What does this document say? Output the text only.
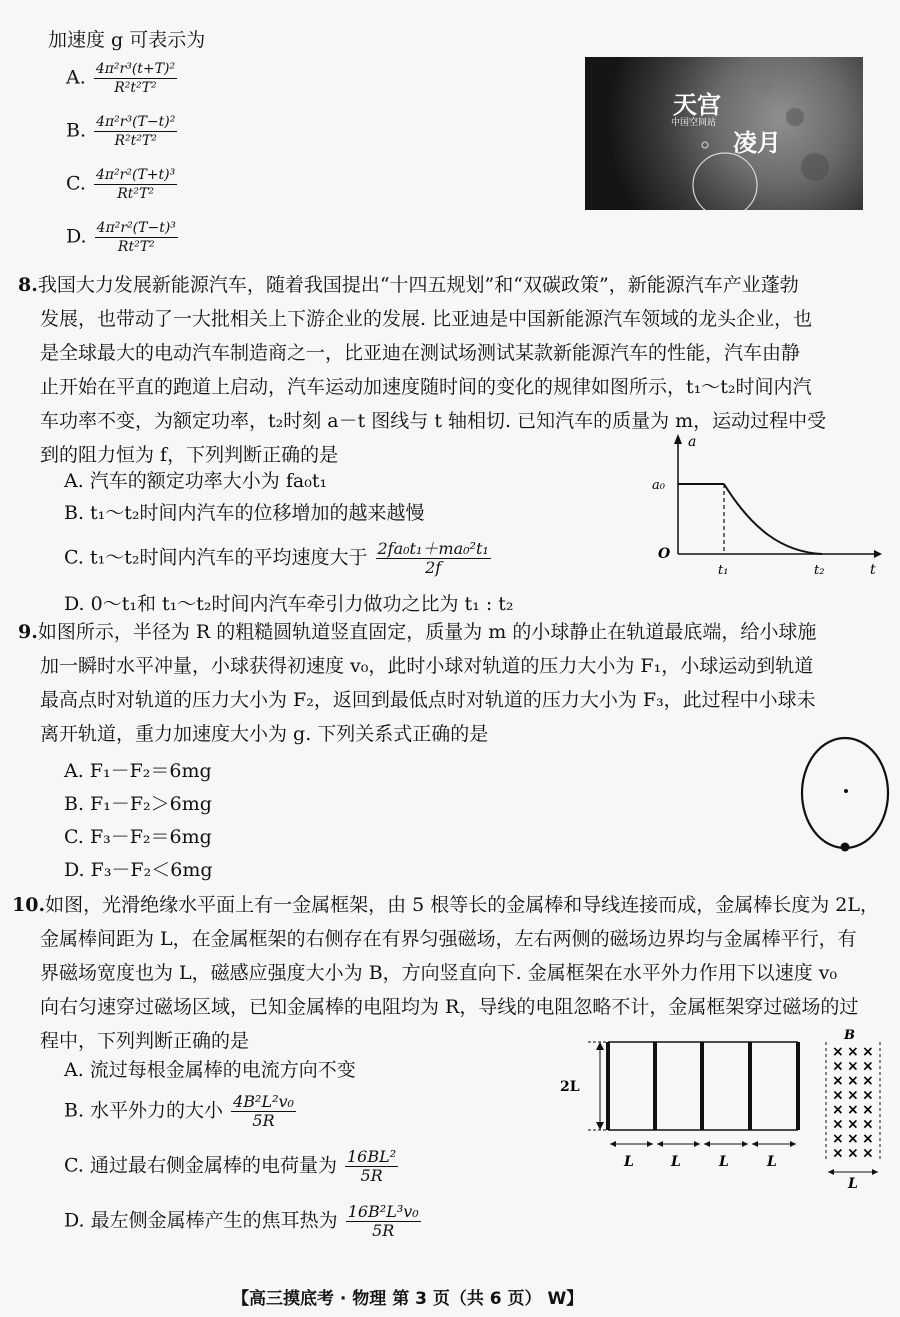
加速度 g 可表示为
A. $\frac{\text{4π²r³(t+T)²}}{\text{R²t²T²}}$
B. $\frac{\text{4π²r³(T−t)²}}{\text{R²t²T²}}$
C. $\frac{\text{4π²r²(T+t)³}}{\text{Rt²T²}}$
D. $\frac{\text{4π²r²(T−t)³}}{\text{Rt²T²}}$
天宫
中国空间站
凌月
8.我国大力发展新能源汽车，随着我国提出“十四五规划”和“双碳政策”，新能源汽车产业蓬勃
发展，也带动了一大批相关上下游企业的发展. 比亚迪是中国新能源汽车领域的龙头企业，也
是全球最大的电动汽车制造商之一，比亚迪在测试场测试某款新能源汽车的性能，汽车由静
止开始在平直的跑道上启动，汽车运动加速度随时间的变化的规律如图所示，t₁～t₂时间内汽
车功率不变，为额定功率，t₂时刻 a－t 图线与 t 轴相切. 已知汽车的质量为 m，运动过程中受
到的阻力恒为 f，下列判断正确的是
A. 汽车的额定功率大小为 fa₀t₁
B. t₁～t₂时间内汽车的位移增加的越来越慢
C. t₁～t₂时间内汽车的平均速度大于 $\frac{\text{2fa₀t₁＋ma₀²t₁}}{2f}$
D. 0～t₁和 t₁～t₂时间内汽车牵引力做功之比为 t₁ : t₂
a
a₀
O
t₁	t₂	t
9.如图所示，半径为 R 的粗糙圆轨道竖直固定，质量为 m 的小球静止在轨道最底端，给小球施
加一瞬时水平冲量，小球获得初速度 v₀，此时小球对轨道的压力大小为 F₁，小球运动到轨道
最高点时对轨道的压力大小为 F₂，返回到最低点时对轨道的压力大小为 F₃，此过程中小球未
离开轨道，重力加速度大小为 g. 下列关系式正确的是
A. F₁－F₂＝6mg
B. F₁－F₂＞6mg
C. F₃－F₂＝6mg
D. F₃－F₂＜6mg
10.如图，光滑绝缘水平面上有一金属框架，由 5 根等长的金属棒和导线连接而成，金属棒长度为 2L，
金属棒间距为 L，在金属框架的右侧存在有界匀强磁场，左右两侧的磁场边界均与金属棒平行，有
界磁场宽度也为 L，磁感应强度大小为 B，方向竖直向下. 金属框架在水平外力作用下以速度 v₀
向右匀速穿过磁场区域，已知金属棒的电阻均为 R，导线的电阻忽略不计，金属框架穿过磁场的过
程中，下列判断正确的是
A. 流过每根金属棒的电流方向不变
B. 水平外力的大小 $\frac{\text{4B²L²v₀}}{5R}$
C. 通过最右侧金属棒的电荷量为 $\frac{\text{16BL²}}{5R}$
D. 最左侧金属棒产生的焦耳热为 $\frac{\text{16B²L³v₀}}{5R}$
2L
L	L	L	L
B
× × ×
× × ×
× × ×
× × ×
× × ×
× × ×
× × ×
× × ×
L
【高三摸底考 · 物理 第 3 页（共 6 页） W】
